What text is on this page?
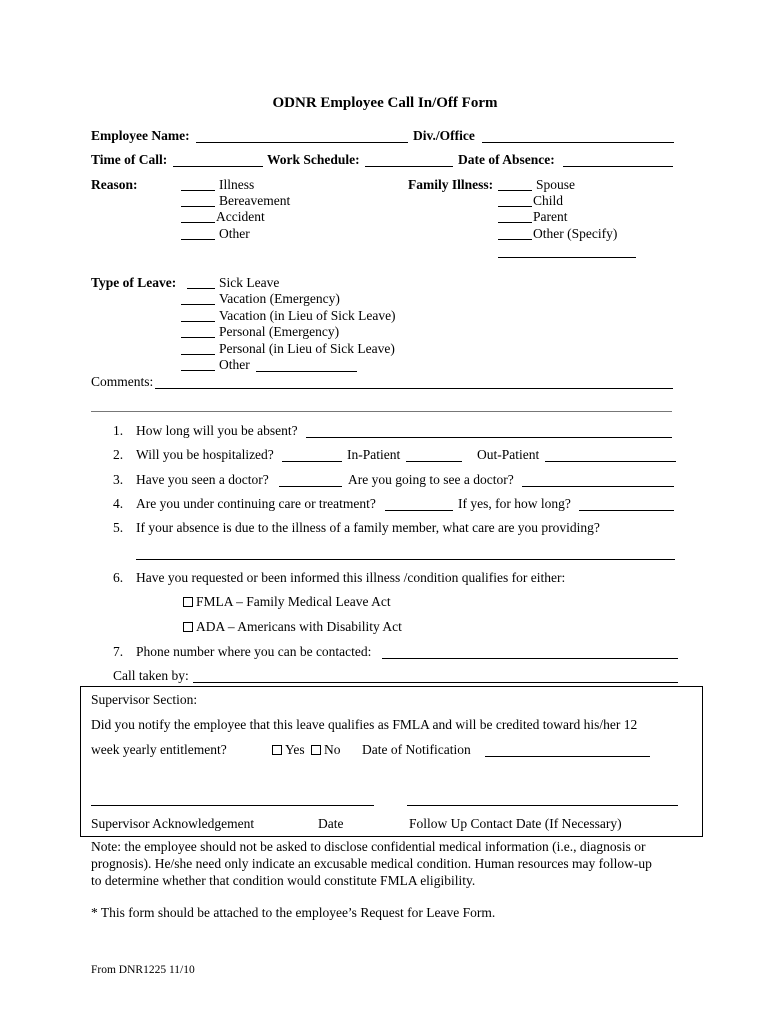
ODNR Employee Call In/Off Form
Employee Name:	Div./Office
Time of Call:	Work Schedule:	Date of Absence:
Reason:	Illness
Bereavement
Accident
Other
Family Illness:	Spouse
Child
Parent
Other (Specify)
Type of Leave:	Sick Leave
Vacation (Emergency)
Vacation (in Lieu of Sick Leave)
Personal (Emergency)
Personal (in Lieu of Sick Leave)
Other
Comments:
1. How long will you be absent?
2. Will you be hospitalized?	In-Patient	Out-Patient
3. Have you seen a doctor?	Are you going to see a doctor?
4. Are you under continuing care or treatment?	If yes, for how long?
5. If your absence is due to the illness of a family member, what care are you providing?
6. Have you requested or been informed this illness /condition qualifies for either:
FMLA – Family Medical Leave Act
ADA – Americans with Disability Act
7. Phone number where you can be contacted:
Call taken by:
Supervisor Section:
Did you notify the employee that this leave qualifies as FMLA and will be credited toward his/her 12
week yearly entitlement?	Yes	No Date of Notification
Supervisor Acknowledgement	Date	Follow Up Contact Date (If Necessary)
Note: the employee should not be asked to disclose confidential medical information (i.e., diagnosis or
prognosis). He/she need only indicate an excusable medical condition. Human resources may follow-up
to determine whether that condition would constitute FMLA eligibility.
* This form should be attached to the employee’s Request for Leave Form.
From DNR1225 11/10
